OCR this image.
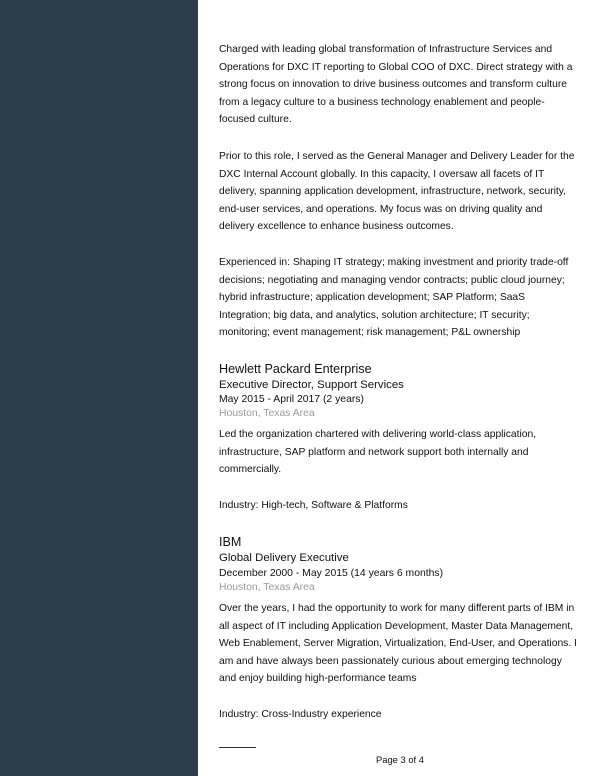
Charged with leading global transformation of Infrastructure Services and Operations for DXC IT reporting to Global COO of DXC. Direct strategy with a strong focus on innovation to drive business outcomes and transform culture from a legacy culture to a business technology enablement and people-focused culture.

Prior to this role, I served as the General Manager and Delivery Leader for the DXC Internal Account globally. In this capacity, I oversaw all facets of IT delivery, spanning application development, infrastructure, network, security, end-user services, and operations. My focus was on driving quality and delivery excellence to enhance business outcomes.

Experienced in: Shaping IT strategy; making investment and priority trade-off decisions; negotiating and managing vendor contracts; public cloud journey; hybrid infrastructure; application development; SAP Platform; SaaS Integration; big data, and analytics, solution architecture; IT security; monitoring; event management; risk management; P&L ownership

Hewlett Packard Enterprise

Executive Director, Support Services

May 2015 - April 2017 (2 years)

Houston, Texas Area

Led the organization chartered with delivering world-class application, infrastructure, SAP platform and network support both internally and commercially.

Industry: High-tech, Software & Platforms

IBM

Global Delivery Executive

December 2000 - May 2015 (14 years 6 months)

Houston, Texas Area

Over the years, I had the opportunity to work for many different parts of IBM in all aspect of IT including Application Development, Master Data Management, Web Enablement, Server Migration, Virtualization, End-User, and Operations. I am and have always been passionately curious about emerging technology and enjoy building high-performance teams

Industry: Cross-Industry experience

Page 3 of 4
